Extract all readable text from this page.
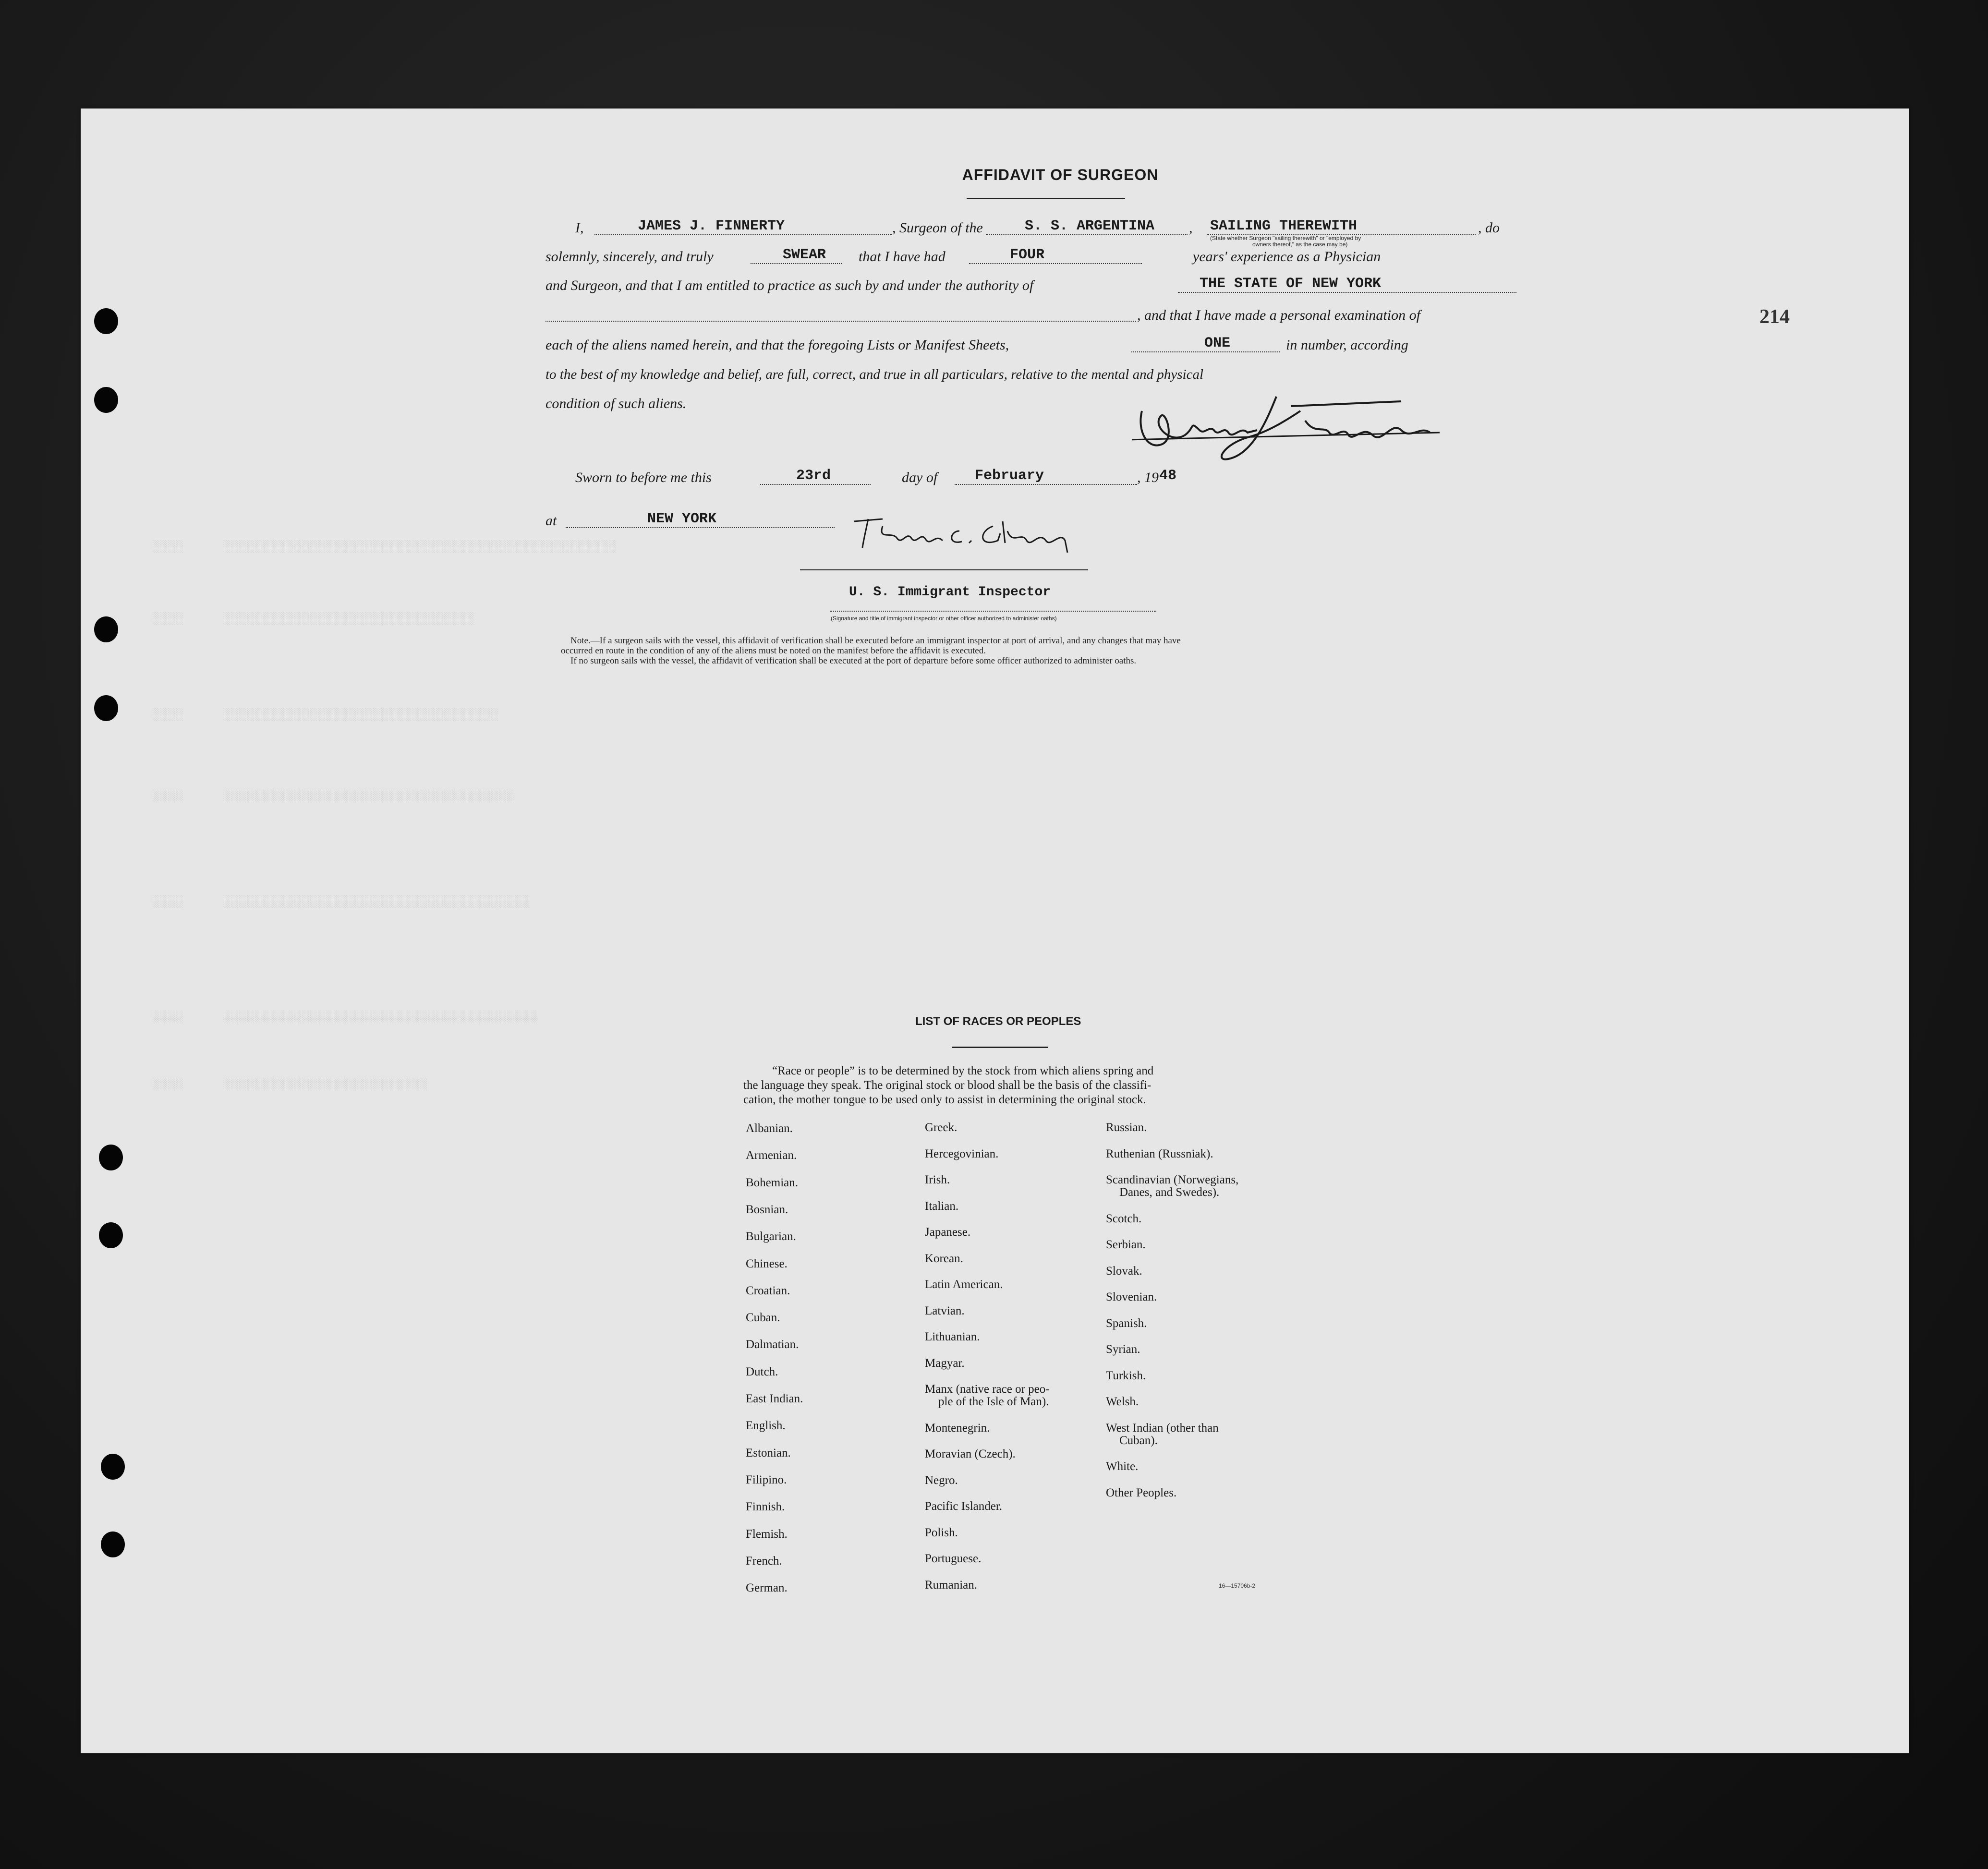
░░░░     ░░░░░░░░░░░░░░░░░░░░░░░░░░░░░░░░░░░░░░░░░░░░░░░░░░
░░░░     ░░░░░░░░░░░░░░░░░░░░░░░░░░░░░░░░
░░░░     ░░░░░░░░░░░░░░░░░░░░░░░░░░░░░░░░░░░
░░░░     ░░░░░░░░░░░░░░░░░░░░░░░░░░░░░░░░░░░░░
░░░░     ░░░░░░░░░░░░░░░░░░░░░░░░░░░░░░░░░░░░░░░
░░░░     ░░░░░░░░░░░░░░░░░░░░░░░░░░░░░░░░░░░░░░░░
░░░░     ░░░░░░░░░░░░░░░░░░░░░░░░░░
AFFIDAVIT OF SURGEON
I,	JAMES J. FINNERTY	, Surgeon of the	S. S. ARGENTINA , SAILING THEREWITH
(State whether Surgeon "sailing therewith" or "employed by
owners thereof," as the case may be)
, do
solemnly, sincerely, and truly	SWEAR that I have had	FOUR	years' experience as a Physician
and Surgeon, and that I am entitled to practice as such by and under the authority of	THE STATE OF NEW YORK
, and that I have made a personal examination of
each of the aliens named herein, and that the foregoing Lists or Manifest Sheets,	ONE	in number, according
to the best of my knowledge and belief, are full, correct, and true in all particulars, relative to the mental and physical
condition of such aliens.
Sworn to before me this	23rd	day of	February	, 19 48
at	NEW YORK
U. S. Immigrant Inspector
(Signature and title of immigrant inspector or other officer authorized to administer oaths)
Note.—If a surgeon sails with the vessel, this affidavit of verification shall be executed before an immigrant inspector at port of arrival, and any changes that may have
occurred en route in the condition of any of the aliens must be noted on the manifest before the affidavit is executed.
If no surgeon sails with the vessel, the affidavit of verification shall be executed at the port of departure before some officer authorized to administer oaths.
214
LIST OF RACES OR PEOPLES
“Race or people” is to be determined by the stock from which aliens spring and
the language they speak. The original stock or blood shall be the basis of the classifi-
cation, the mother tongue to be used only to assist in determining the original stock.
Albanian.
Armenian.
Bohemian.
Bosnian.
Bulgarian.
Chinese.
Croatian.
Cuban.
Dalmatian.
Dutch.
East Indian.
English.
Estonian.
Filipino.
Finnish.
Flemish.
French.
German.
Greek.
Hercegovinian.
Irish.
Italian.
Japanese.
Korean.
Latin American.
Latvian.
Lithuanian.
Magyar.
Manx (native race or peo-
ple of the Isle of Man).
Montenegrin.
Moravian (Czech).
Negro.
Pacific Islander.
Polish.
Portuguese.
Rumanian.
Russian.
Ruthenian (Russniak).
Scandinavian (Norwegians,
Danes, and Swedes).
Scotch.
Serbian.
Slovak.
Slovenian.
Spanish.
Syrian.
Turkish.
Welsh.
West Indian (other than
Cuban).
White.
Other Peoples.
16—15706b-2
